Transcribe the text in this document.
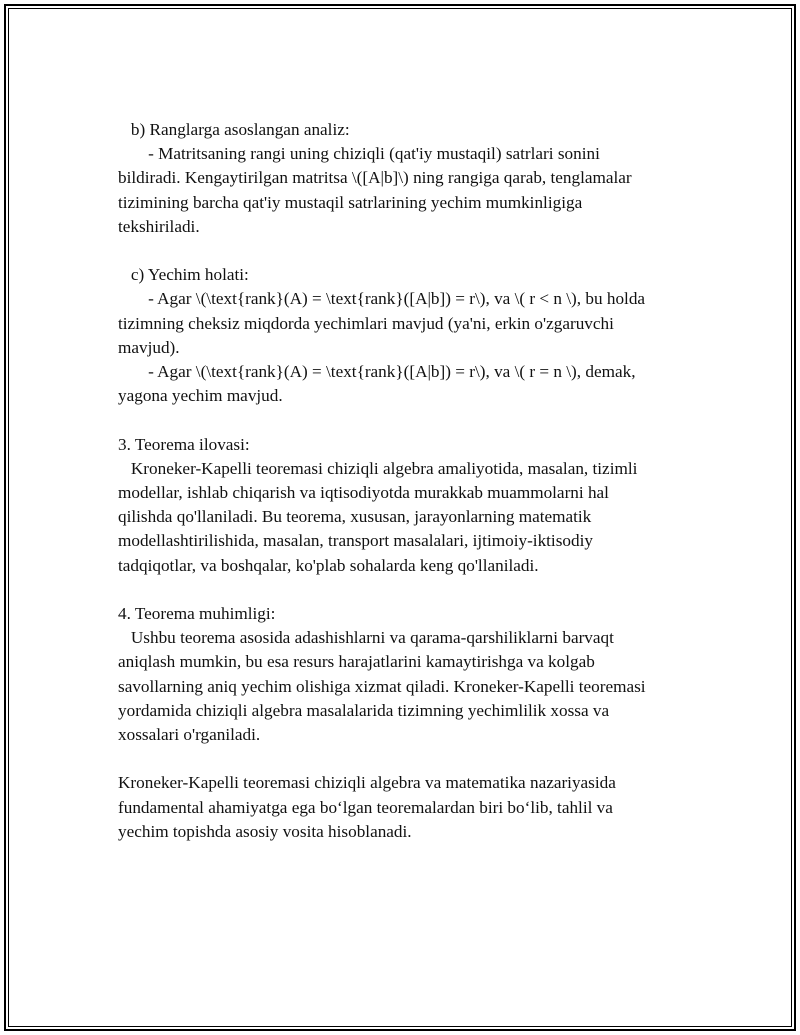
b) Ranglarga asoslangan analiz:

- Matritsaning rangi uning chiziqli (qat'iy mustaqil) satrlari sonini

bildiradi. Kengaytirilgan matritsa \([A|b]\) ning rangiga qarab, tenglamalar

tizimining barcha qat'iy mustaqil satrlarining yechim mumkinligiga

tekshiriladi.

c) Yechim holati:

- Agar \(\text{rank}(A) = \text{rank}([A|b]) = r\), va \( r < n \), bu holda

tizimning cheksiz miqdorda yechimlari mavjud (ya'ni, erkin o'zgaruvchi

mavjud).

- Agar \(\text{rank}(A) = \text{rank}([A|b]) = r\), va \( r = n \), demak,

yagona yechim mavjud.

3. Teorema ilovasi:

Kroneker-Kapelli teoremasi chiziqli algebra amaliyotida, masalan, tizimli

modellar, ishlab chiqarish va iqtisodiyotda murakkab muammolarni hal

qilishda qo'llaniladi. Bu teorema, xususan, jarayonlarning matematik

modellashtirilishida, masalan, transport masalalari, ijtimoiy-iktisodiy

tadqiqotlar, va boshqalar, ko'plab sohalarda keng qo'llaniladi.

4. Teorema muhimligi:

Ushbu teorema asosida adashishlarni va qarama-qarshiliklarni barvaqt

aniqlash mumkin, bu esa resurs harajatlarini kamaytirishga va kolgab

savollarning aniq yechim olishiga xizmat qiladi. Kroneker-Kapelli teoremasi

yordamida chiziqli algebra masalalarida tizimning yechimlilik xossa va

xossalari o'rganiladi.

Kroneker-Kapelli teoremasi chiziqli algebra va matematika nazariyasida

fundamental ahamiyatga ega bo‘lgan teoremalardan biri bo‘lib, tahlil va

yechim topishda asosiy vosita hisoblanadi.
